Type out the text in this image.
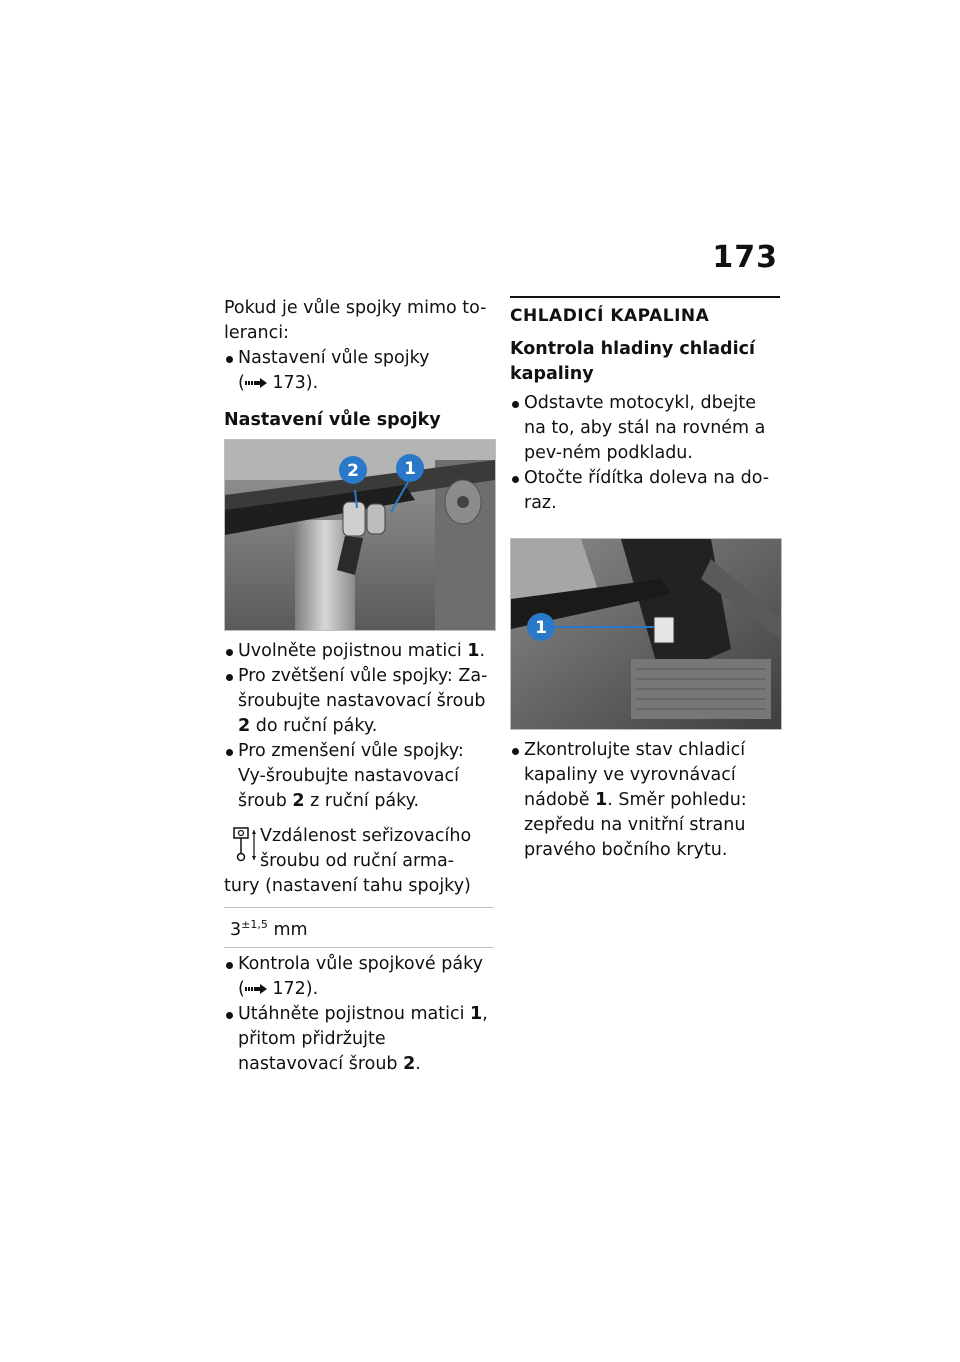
173

Pokud je vůle spojky mimo to-leranci:

Nastavení vůle spojky
( 173).

Nastavení vůle spojky

2	1
Uvolněte pojistnou matici 1.
Pro zvětšení vůle spojky: Za-šroubujte nastavovací šroub 2 do ruční páky.
Pro zmenšení vůle spojky: Vy-šroubujte nastavovací šroub 2 z ruční páky.
Vzdálenost seřizovacího
šroubu od ruční arma-

tury (nastavení tahu spojky)
$3^{\pm 1,5}$ mm
Kontrola vůle spojkové páky
( 172).
Utáhněte pojistnou matici 1, přitom přidržujte nastavovací šroub 2.
CHLADICÍ KAPALINA

Kontrola hladiny chladicí kapaliny

Odstavte motocykl, dbejte na to, aby stál na rovném a pev-ném podkladu.
Otočte řídítka doleva na do-raz.
1
Zkontrolujte stav chladicí kapaliny ve vyrovnávací nádobě 1. Směr pohledu: zepředu na vnitřní stranu pravého bočního krytu.
